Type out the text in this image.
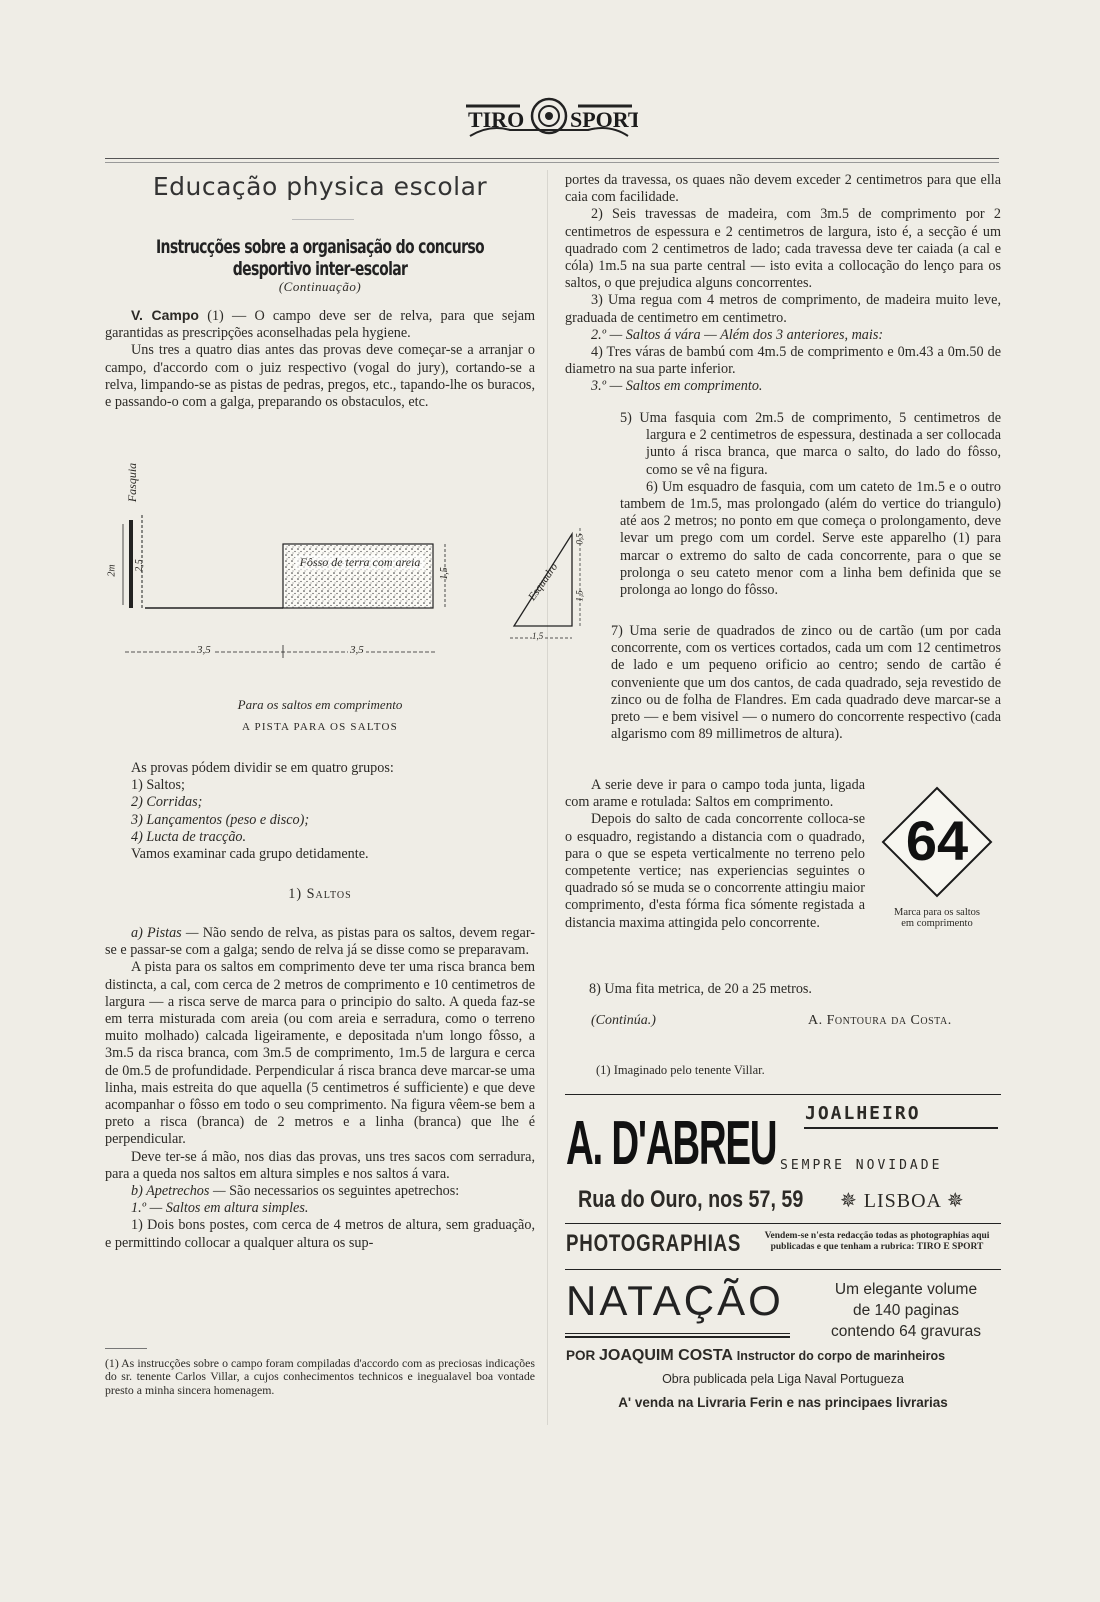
TIRO SPORT
Educação physica escolar
Instrucções sobre a organisação do concurso desportivo inter-escolar
(Continuação)

V. Campo (1) — O campo deve ser de relva, para que sejam garantidas as prescripções aconselhadas pela hygiene.

Uns tres a quatro dias antes das provas deve começar-se a arranjar o campo, d'accordo com o juiz respectivo (vogal do jury), cortando-se a relva, limpando-se as pistas de pedras, pregos, etc., tapando-lhe os buracos, e passando-o com a galga, preparando os obstaculos, etc.

Fasquia
2m 2,5	Fôsso de terra com areia
3,5	3,5
1,5
Para os saltos em comprimento
A PISTA PARA OS SALTOS

As provas pódem dividir se em quatro grupos:

1) Saltos;

2) Corridas;

3) Lançamentos (peso e disco);

4) Lucta de tracção.

Vamos examinar cada grupo detidamente.

1) Saltos

a) Pistas — Não sendo de relva, as pistas para os saltos, devem regar-se e passar-se com a galga; sendo de relva já se disse como se preparavam.

A pista para os saltos em comprimento deve ter uma risca branca bem distincta, a cal, com cerca de 2 metros de comprimento e 10 centimetros de largura — a risca serve de marca para o principio do salto. A queda faz-se em terra misturada com areia (ou com areia e serradura, como o terreno muito molhado) calcada ligeiramente, e depositada n'um longo fôsso, a 3m.5 da risca branca, com 3m.5 de comprimento, 1m.5 de largura e cerca de 0m.5 de profundidade. Perpendicular á risca branca deve marcar-se uma linha, mais estreita do que aquella (5 centimetros é sufficiente) e que deve acompanhar o fôsso em todo o seu comprimento. Na figura vêem-se bem a preto a risca (branca) de 2 metros e a linha (branca) que lhe é perpendicular.

Deve ter-se á mão, nos dias das provas, uns tres sacos com serradura, para a queda nos saltos em altura simples e nos saltos á vara.

b) Apetrechos — São necessarios os seguintes apetrechos:

1.º — Saltos em altura simples.

1) Dois bons postes, com cerca de 4 metros de altura, sem graduação, e permittindo collocar a qualquer altura os sup-

(1) As instrucções sobre o campo foram compiladas d'accordo com as preciosas indicações do sr. tenente Carlos Villar, a cujos conhecimentos technicos e inegualavel boa vontade presto a minha sincera homenagem.

portes da travessa, os quaes não devem exceder 2 centimetros para que ella caia com facilidade.

2) Seis travessas de madeira, com 3m.5 de comprimento por 2 centimetros de espessura e 2 centimetros de largura, isto é, a secção é um quadrado com 2 centimetros de lado; cada travessa deve ter caiada (a cal e cóla) 1m.5 na sua parte central — isto evita a collocação do lenço para os saltos, o que prejudica alguns concorrentes.

3) Uma regua com 4 metros de comprimento, de madeira muito leve, graduada de centimetro em centimetro.

2.º — Saltos á vára — Além dos 3 anteriores, mais:

4) Tres váras de bambú com 4m.5 de comprimento e 0m.43 a 0m.50 de diametro na sua parte inferior.

3.º — Saltos em comprimento.

Esquadro
0,5
1,5
1,5

5) Uma fasquia com 2m.5 de comprimento, 5 centimetros de largura e 2 centimetros de espessura, destinada a ser collocada junto á risca branca, que marca o salto, do lado do fôsso, como se vê na figura.

6) Um esquadro de fasquia, com um cateto de 1m.5 e o outro tambem de 1m.5, mas prolongado (além do vertice do triangulo) até aos 2 metros; no ponto em que começa o prolongamento, deve levar um prego com um cordel. Serve este apparelho (1) para marcar o extremo do salto de cada concorrente, para o que se prolonga o seu cateto menor com a linha bem definida que se prolonga ao longo do fôsso.

7) Uma serie de quadrados de zinco ou de cartão (um por cada concorrente, com os vertices cortados, cada um com 12 centimetros de lado e um pequeno orificio ao centro; sendo de cartão é conveniente que um dos cantos, de cada quadrado, seja revestido de zinco ou de folha de Flandres. Em cada quadrado deve marcar-se a preto — e bem visivel — o numero do concorrente respectivo (cada algarismo com 89 millimetros de altura).

A serie deve ir para o campo toda junta, ligada com arame e rotulada: Saltos em comprimento.

Depois do salto de cada concorrente colloca-se o esquadro, registando a distancia com o quadrado, para o que se espeta verticalmente no terreno pelo competente vertice; nas experiencias seguintes o quadrado só se muda se o concorrente attingiu maior comprimento, d'esta fórma fica sómente registada a distancia maxima attingida pelo concorrente.

64
Marca para os saltos
em comprimento

8) Uma fita metrica, de 20 a 25 metros.

(Continúa.)	A. Fontoura da Costa.
(1) Imaginado pelo tenente Villar.
A. D'ABREU JOALHEIRO
SEMPRE NOVIDADE
Rua do Ouro, nos 57, 59 ✵ LISBOA ✵
PHOTOGRAPHIAS	Vendem-se n'esta redacção todas as photographias aqui publicadas e que tenham a rubrica: TIRO E SPORT
NATAÇÃO	Um elegante volume
de 140 paginas
contendo 64 gravuras
POR JOAQUIM COSTA Instructor do corpo de marinheiros
Obra publicada pela Liga Naval Portugueza
A' venda na Livraria Ferin e nas principaes livrarias
